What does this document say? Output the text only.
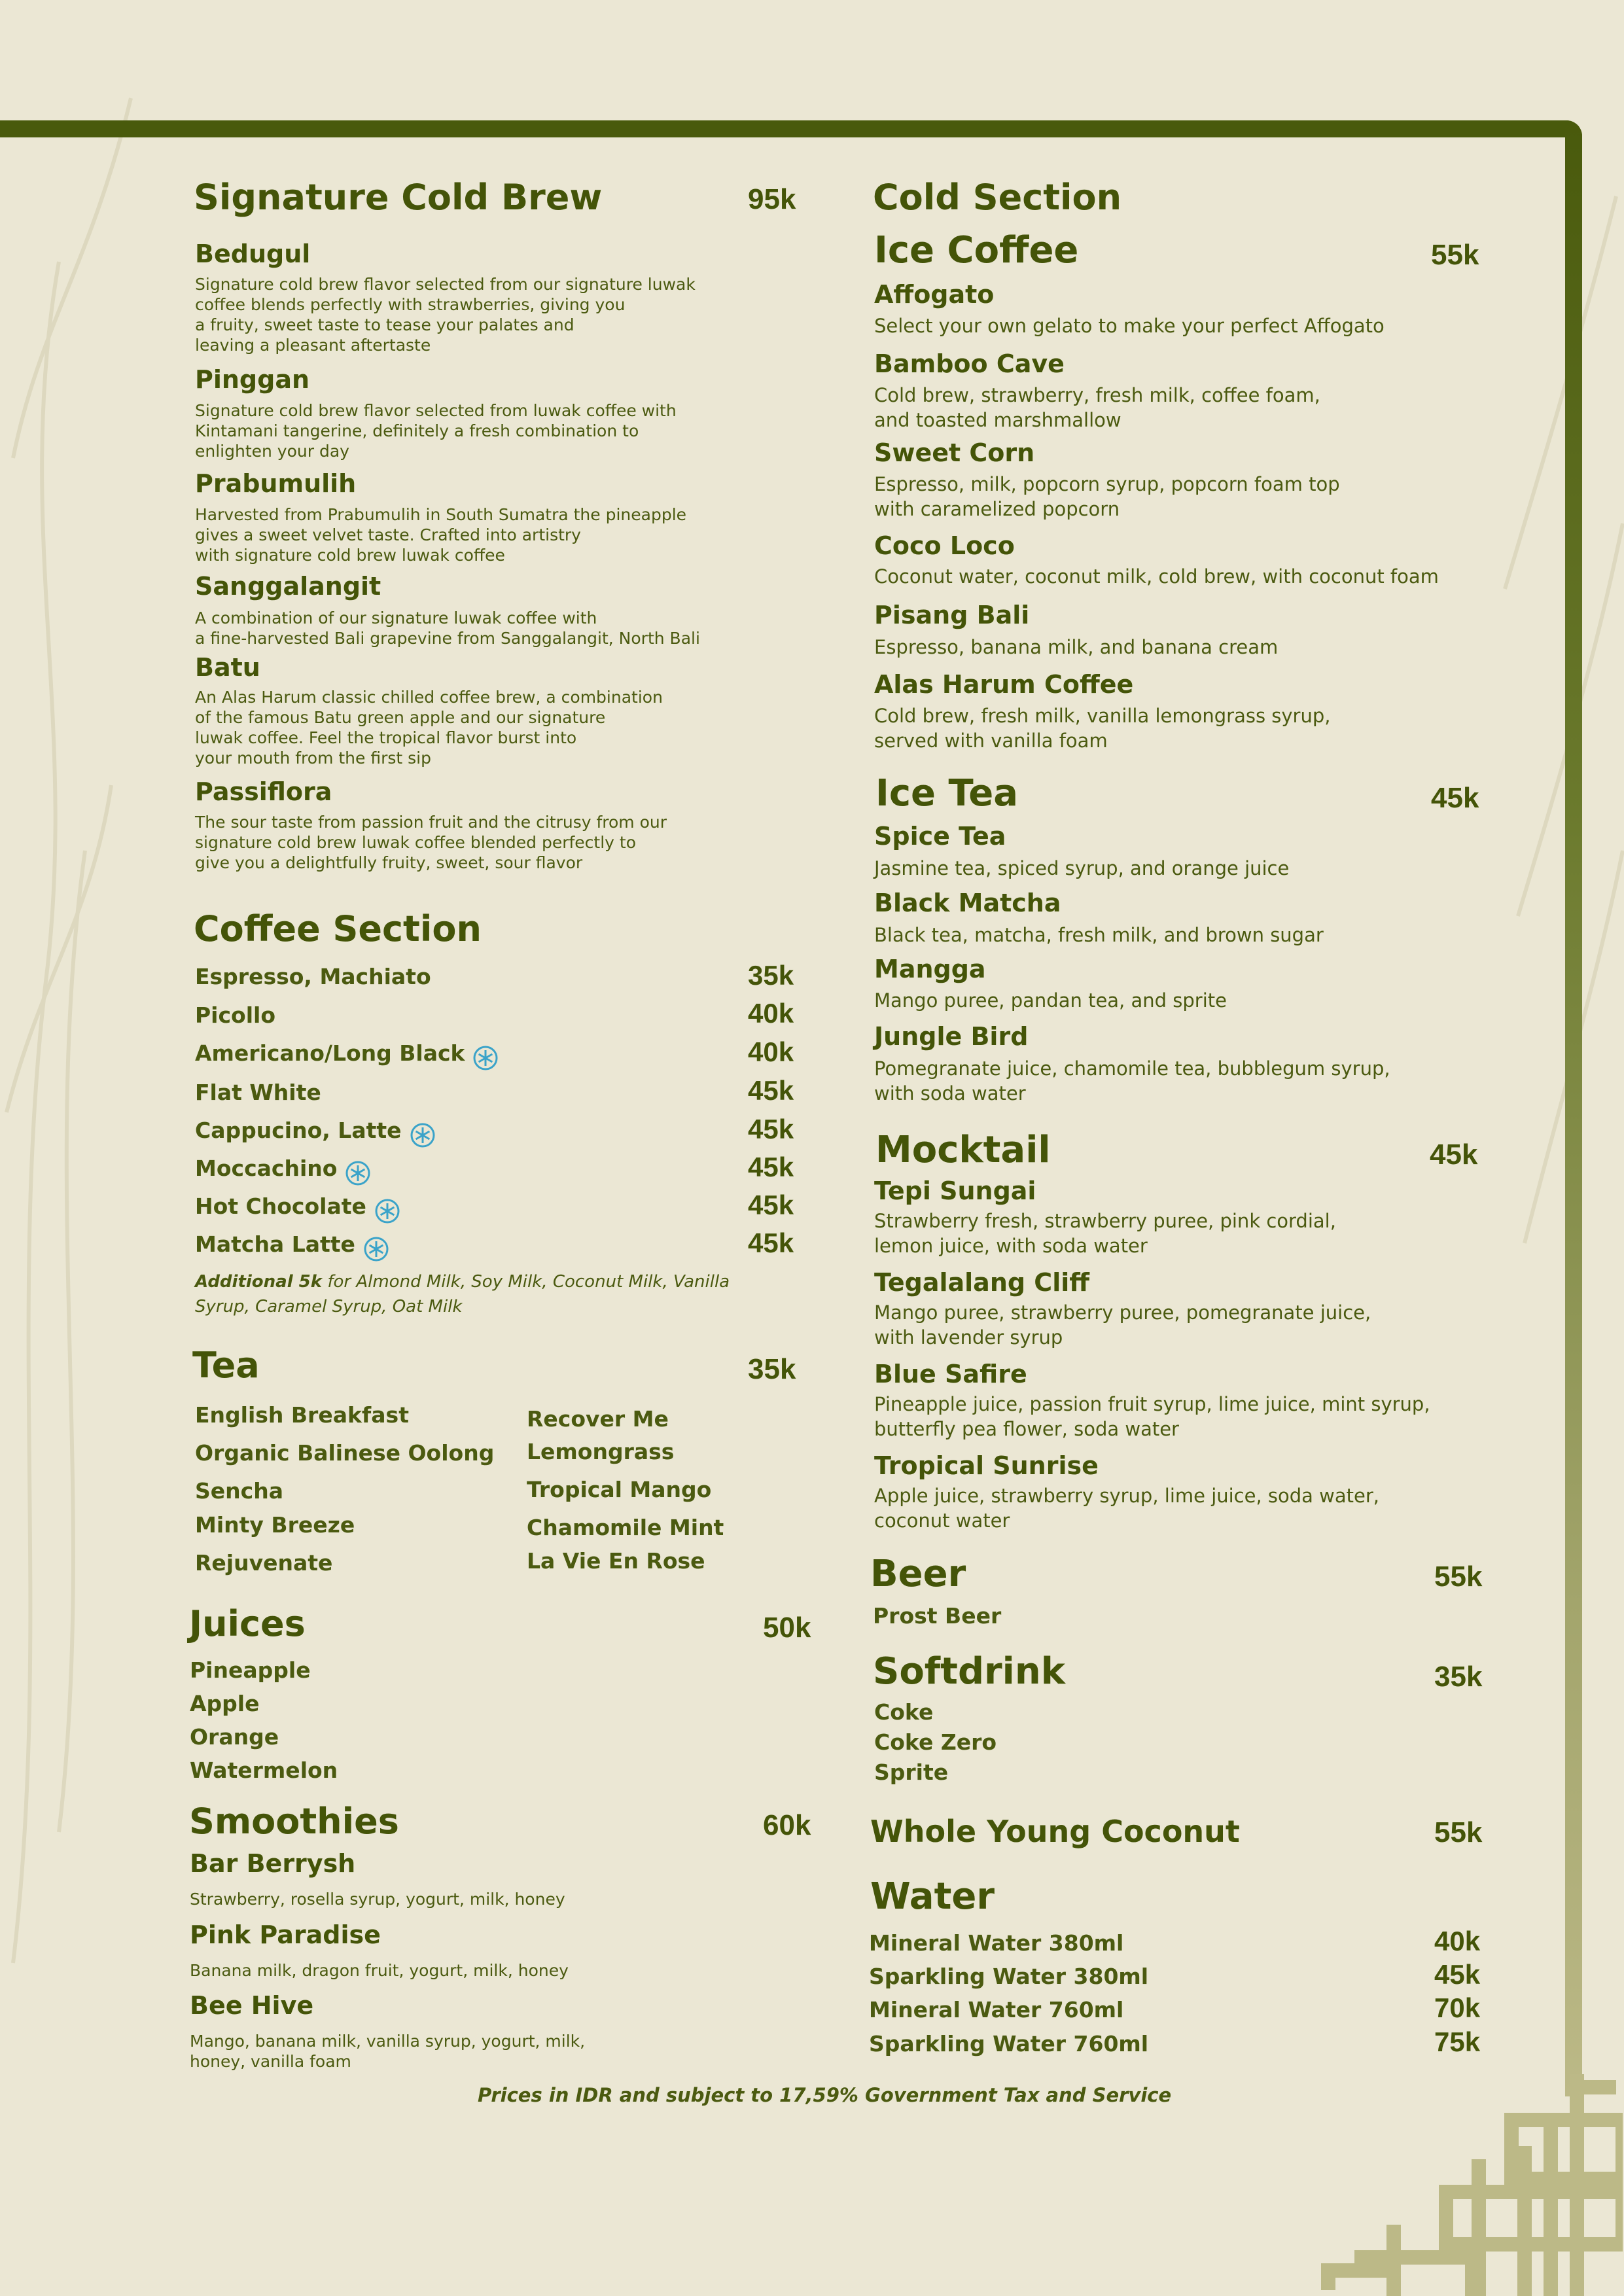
Signature Cold Brew	95k
Bedugul
Signature cold brew flavor selected from our signature luwak
coffee blends perfectly with strawberries, giving you
a fruity, sweet taste to tease your palates and
leaving a pleasant aftertaste
Pinggan
Signature cold brew flavor selected from luwak coffee with
Kintamani tangerine, definitely a fresh combination to
enlighten your day
Prabumulih
Harvested from Prabumulih in South Sumatra the pineapple
gives a sweet velvet taste. Crafted into artistry
with signature cold brew luwak coffee
Sanggalangit
A combination of our signature luwak coffee with
a fine-harvested Bali grapevine from Sanggalangit, North Bali
Batu
An Alas Harum classic chilled coffee brew, a combination
of the famous Batu green apple and our signature
luwak coffee. Feel the tropical flavor burst into
your mouth from the first sip
Passiflora
The sour taste from passion fruit and the citrusy from our
signature cold brew luwak coffee blended perfectly to
give you a delightfully fruity, sweet, sour flavor
Coffee Section
Espresso, Machiato	35k
Picollo	40k
Americano/Long Black	40k
Flat White	45k
Cappucino, Latte	45k
Moccachino	45k
Hot Chocolate	45k
Matcha Latte	45k
Additional 5k for Almond Milk, Soy Milk, Coconut Milk, Vanilla
Syrup, Caramel Syrup, Oat Milk
Tea	35k
English Breakfast
Organic Balinese Oolong
Sencha
Minty Breeze
Rejuvenate
Recover Me
Lemongrass
Tropical Mango
Chamomile Mint
La Vie En Rose
Juices	50k
Pineapple
Apple
Orange
Watermelon
Smoothies	60k
Bar Berrysh
Strawberry, rosella syrup, yogurt, milk, honey
Pink Paradise
Banana milk, dragon fruit, yogurt, milk, honey
Bee Hive
Mango, banana milk, vanilla syrup, yogurt, milk,
honey, vanilla foam
Cold Section
Ice Coffee	55k
Affogato
Select your own gelato to make your perfect Affogato
Bamboo Cave
Cold brew, strawberry, fresh milk, coffee foam,
and toasted marshmallow
Sweet Corn
Espresso, milk, popcorn syrup, popcorn foam top
with caramelized popcorn
Coco Loco
Coconut water, coconut milk, cold brew, with coconut foam
Pisang Bali
Espresso, banana milk, and banana cream
Alas Harum Coffee
Cold brew, fresh milk, vanilla lemongrass syrup,
served with vanilla foam
Ice Tea	45k
Spice Tea
Jasmine tea, spiced syrup, and orange juice
Black Matcha
Black tea, matcha, fresh milk, and brown sugar
Mangga
Mango puree, pandan tea, and sprite
Jungle Bird
Pomegranate juice, chamomile tea, bubblegum syrup,
with soda water
Mocktail	45k
Tepi Sungai
Strawberry fresh, strawberry puree, pink cordial,
lemon juice, with soda water
Tegalalang Cliff
Mango puree, strawberry puree, pomegranate juice,
with lavender syrup
Blue Safire
Pineapple juice, passion fruit syrup, lime juice, mint syrup,
butterfly pea flower, soda water
Tropical Sunrise
Apple juice, strawberry syrup, lime juice, soda water,
coconut water
Beer	55k
Prost Beer
Softdrink	35k
Coke
Coke Zero
Sprite
Whole Young Coconut	55k
Water
Mineral Water 380ml	40k
Sparkling Water 380ml	45k
Mineral Water 760ml	70k
Sparkling Water 760ml	75k
Prices in IDR and subject to 17,59% Government Tax and Service
